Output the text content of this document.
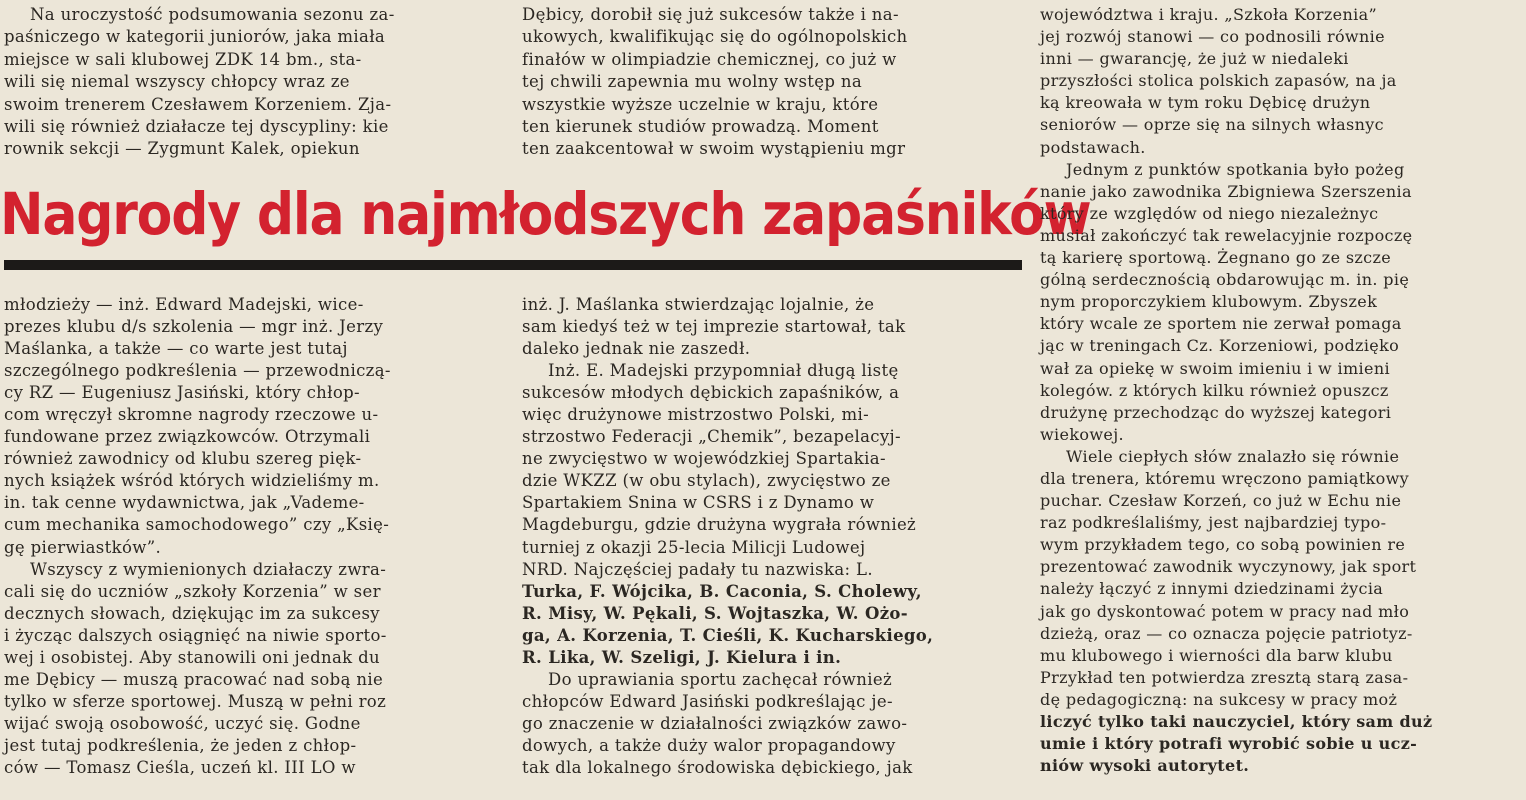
Na uroczystość podsumowania sezonu za-
paśniczego w kategorii juniorów, jaka miała
miejsce w sali klubowej ZDK 14 bm., sta-
wili się niemal wszyscy chłopcy wraz ze
swoim trenerem Czesławem Korzeniem. Zja-
wili się również działacze tej dyscypliny: kie
rownik sekcji — Zygmunt Kalek, opiekun
Dębicy, dorobił się już sukcesów także i na-
ukowych, kwalifikując się do ogólnopolskich
finałów w olimpiadzie chemicznej, co już w
tej chwili zapewnia mu wolny wstęp na
wszystkie wyższe uczelnie w kraju, które
ten kierunek studiów prowadzą. Moment
ten zaakcentował w swoim wystąpieniu mgr
Nagrody dla najmłodszych zapaśników
młodzieży — inż. Edward Madejski, wice-
prezes klubu d/s szkolenia — mgr inż. Jerzy
Maślanka, a także — co warte jest tutaj
szczególnego podkreślenia — przewodniczą-
cy RZ — Eugeniusz Jasiński, który chłop-
com wręczył skromne nagrody rzeczowe u-
fundowane przez związkowców. Otrzymali
również zawodnicy od klubu szereg pięk-
nych książek wśród których widzieliśmy m.
in. tak cenne wydawnictwa, jak „Vademe-
cum mechanika samochodowego” czy „Księ-
gę pierwiastków”.
Wszyscy z wymienionych działaczy zwra-
cali się do uczniów „szkoły Korzenia” w ser
decznych słowach, dziękując im za sukcesy
i życząc dalszych osiągnięć na niwie sporto-
wej i osobistej. Aby stanowili oni jednak du
me Dębicy — muszą pracować nad sobą nie
tylko w sferze sportowej. Muszą w pełni roz
wijać swoją osobowość, uczyć się. Godne
jest tutaj podkreślenia, że jeden z chłop-
ców — Tomasz Cieśla, uczeń kl. III LO w
inż. J. Maślanka stwierdzając lojalnie, że
sam kiedyś też w tej imprezie startował, tak
daleko jednak nie zaszedł.
Inż. E. Madejski przypomniał długą listę
sukcesów młodych dębickich zapaśników, a
więc drużynowe mistrzostwo Polski, mi-
strzostwo Federacji „Chemik”, bezapelacyj-
ne zwycięstwo w wojewódzkiej Spartakia-
dzie WKZZ (w obu stylach), zwycięstwo ze
Spartakiem Snina w CSRS i z Dynamo w
Magdeburgu, gdzie drużyna wygrała również
turniej z okazji 25-lecia Milicji Ludowej
NRD. Najczęściej padały tu nazwiska: L.
Turka, F. Wójcika, B. Caconia, S. Cholewy,
R. Misy, W. Pękali, S. Wojtaszka, W. Ożo-
ga, A. Korzenia, T. Cieśli, K. Kucharskiego,
R. Lika, W. Szeligi, J. Kielura i in.
Do uprawiania sportu zachęcał również
chłopców Edward Jasiński podkreślając je-
go znaczenie w działalności związków zawo-
dowych, a także duży walor propagandowy
tak dla lokalnego środowiska dębickiego, jak
województwa i kraju. „Szkoła Korzenia”
jej rozwój stanowi — co podnosili równie
inni — gwarancję, że już w niedaleki
przyszłości stolica polskich zapasów, na ja
ką kreowała w tym roku Dębicę drużyn
seniorów — oprze się na silnych własnyc
podstawach.
Jednym z punktów spotkania było pożeg
nanie jako zawodnika Zbigniewa Szerszenia
który ze względów od niego niezależnyc
musiał zakończyć tak rewelacyjnie rozpoczę
tą karierę sportową. Żegnano go ze szcze
gólną serdecznością obdarowując m. in. pię
nym proporczykiem klubowym. Zbyszek
który wcale ze sportem nie zerwał pomaga
jąc w treningach Cz. Korzeniowi, podzięko
wał za opiekę w swoim imieniu i w imieni
kolegów. z których kilku również opuszcz
drużynę przechodząc do wyższej kategori
wiekowej.
Wiele ciepłych słów znalazło się równie
dla trenera, któremu wręczono pamiątkowy
puchar. Czesław Korzeń, co już w Echu nie
raz podkreślaliśmy, jest najbardziej typo-
wym przykładem tego, co sobą powinien re
prezentować zawodnik wyczynowy, jak sport
należy łączyć z innymi dziedzinami życia
jak go dyskontować potem w pracy nad mło
dzieżą, oraz — co oznacza pojęcie patriotyz-
mu klubowego i wierności dla barw klubu
Przykład ten potwierdza zresztą starą zasa-
dę pedagogiczną: na sukcesy w pracy moż
liczyć tylko taki nauczyciel, który sam duż
umie i który potrafi wyrobić sobie u ucz-
niów wysoki autorytet.
